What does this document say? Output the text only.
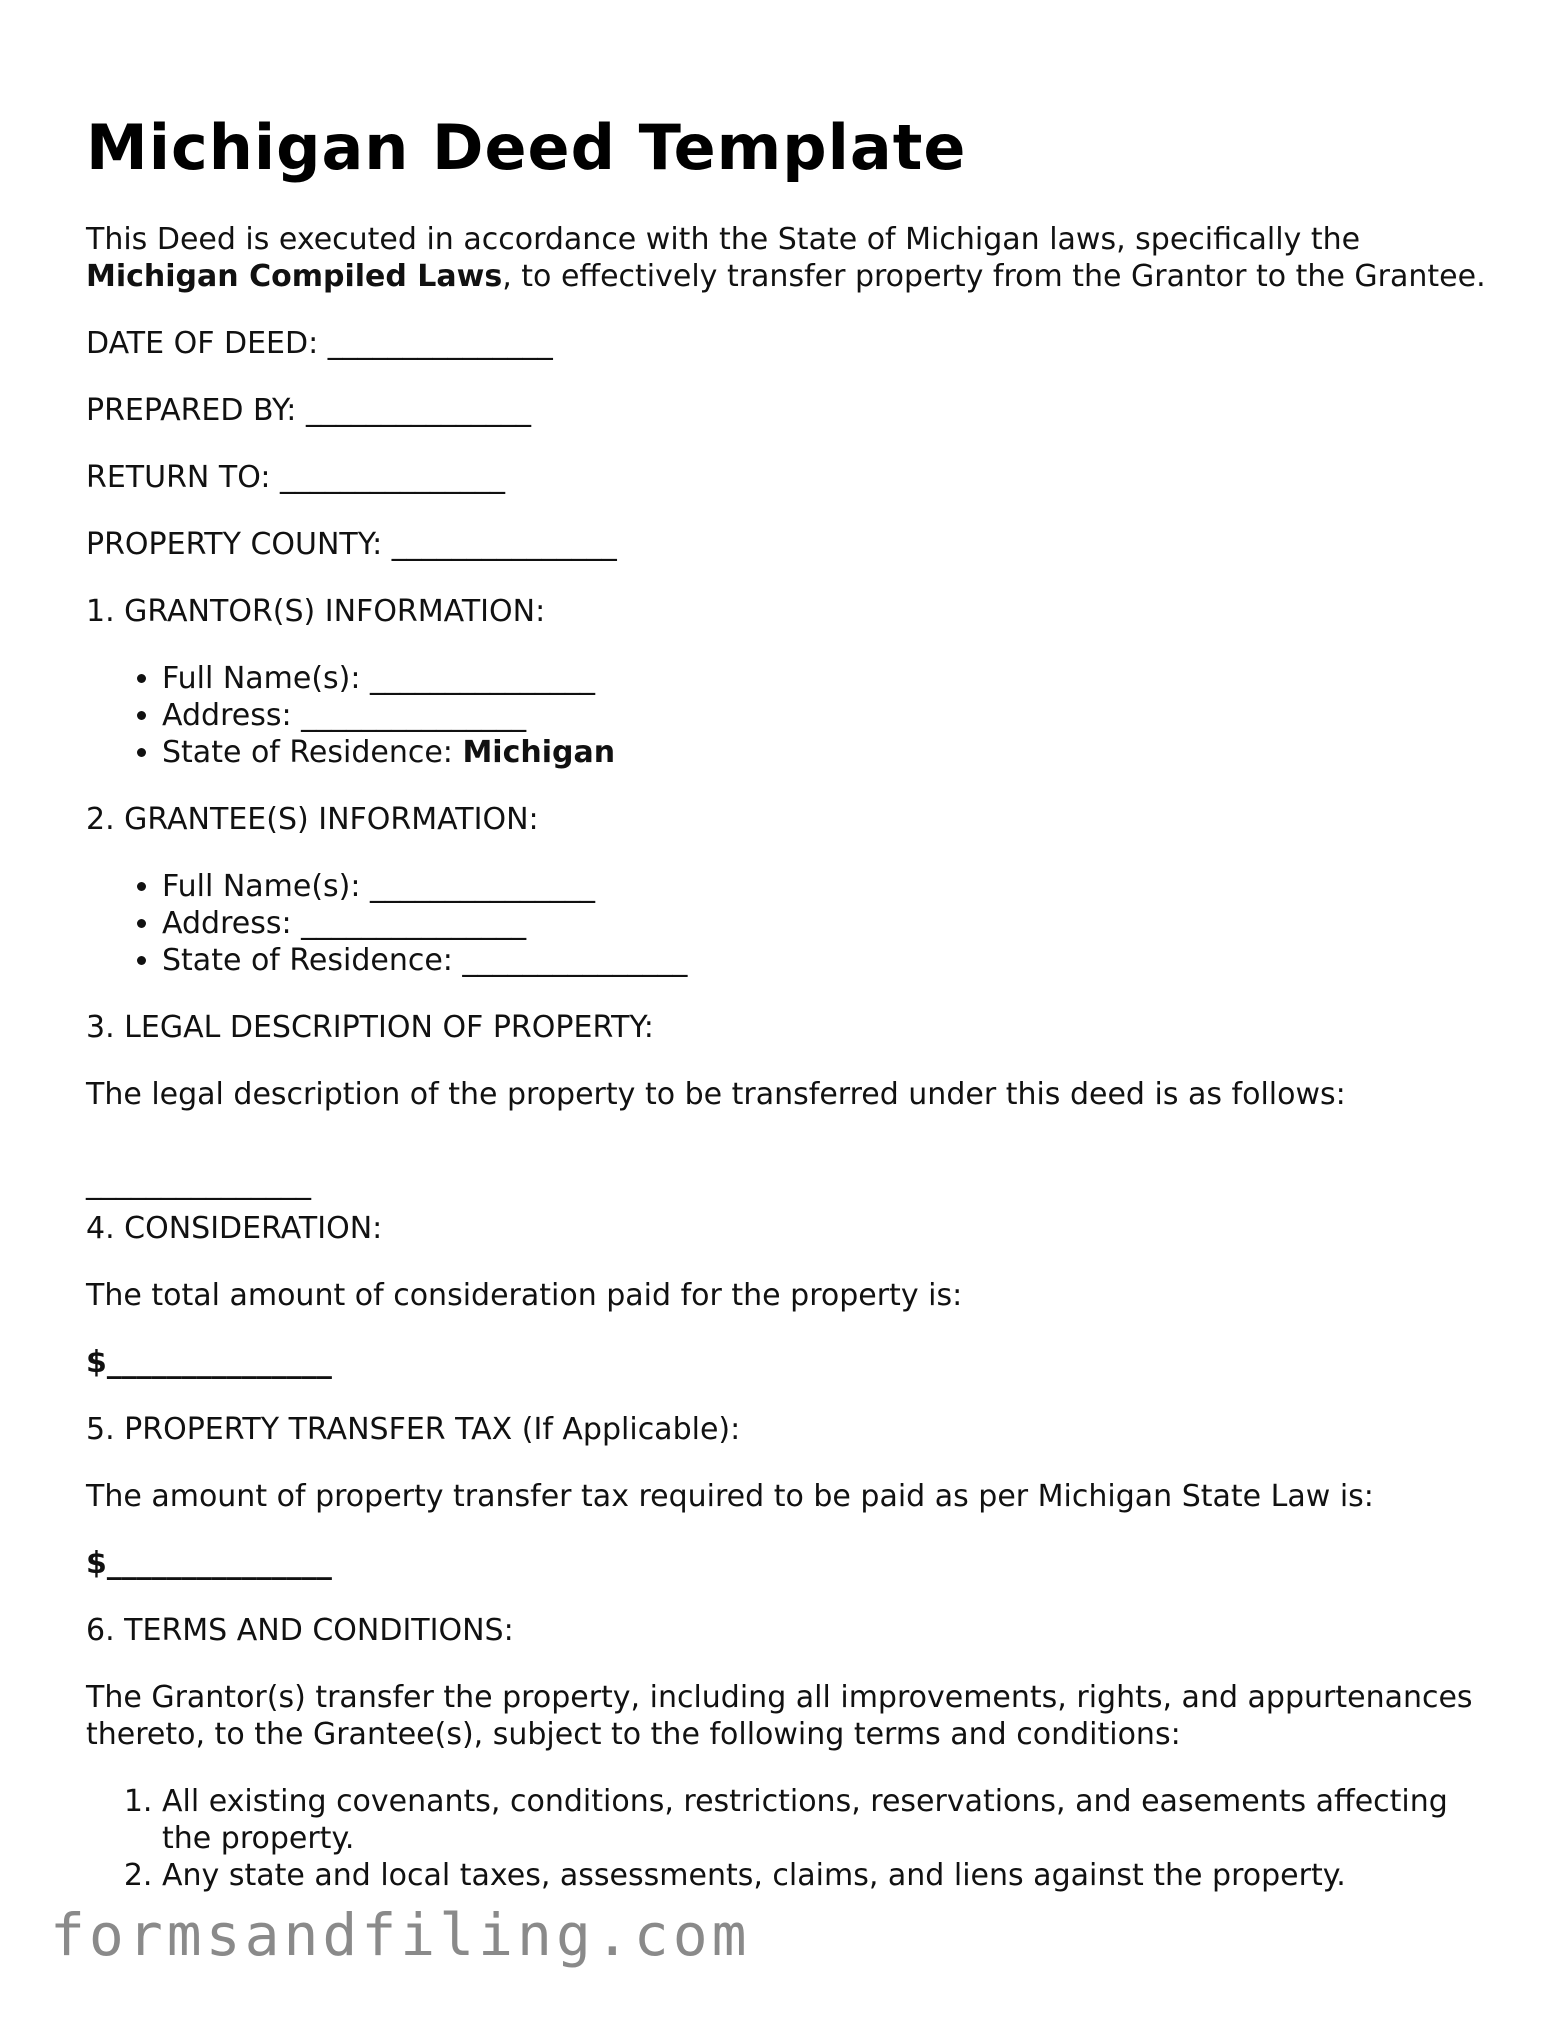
Michigan Deed Template

This Deed is executed in accordance with the State of Michigan laws, specifically the Michigan Compiled Laws, to effectively transfer property from the Grantor to the Grantee.

DATE OF DEED: _______________

PREPARED BY: _______________

RETURN TO: _______________

PROPERTY COUNTY: _______________

1. GRANTOR(S) INFORMATION:

• Full Name(s): _______________
• Address: _______________
• State of Residence: Michigan

2. GRANTEE(S) INFORMATION:

• Full Name(s): _______________
• Address: _______________
• State of Residence: _______________

3. LEGAL DESCRIPTION OF PROPERTY:

The legal description of the property to be transferred under this deed is as follows:

_______________

4. CONSIDERATION:

The total amount of consideration paid for the property is:

$_______________

5. PROPERTY TRANSFER TAX (If Applicable):

The amount of property transfer tax required to be paid as per Michigan State Law is:

$_______________

6. TERMS AND CONDITIONS:

The Grantor(s) transfer the property, including all improvements, rights, and appurtenances thereto, to the Grantee(s), subject to the following terms and conditions:

1. All existing covenants, conditions, restrictions, reservations, and easements affecting the property.
2. Any state and local taxes, assessments, claims, and liens against the property.
formsandfiling.com
